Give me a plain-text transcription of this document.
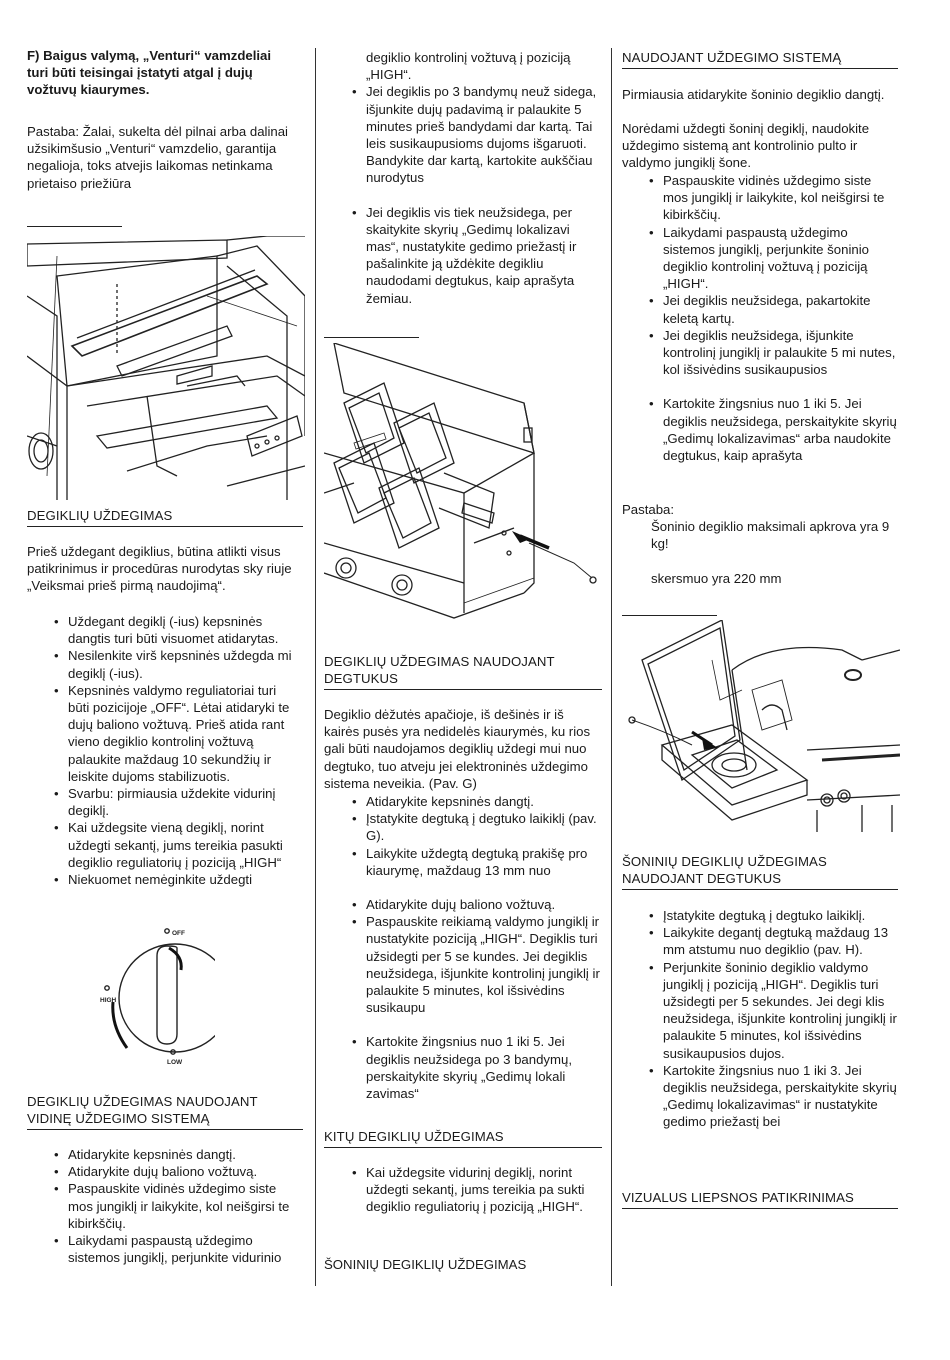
F) Baigus valymą, „Venturi“ vamzdeliai turi būti teisingai įstatyti atgal į dujų vožtuvų kiaurymes.

Pastaba: Žalai, sukelta dėl pilnai arba dalinai užsikimšusio „Venturi“ vamzdelio, garantija negalioja, toks atvejis laikomas netinkama prietaiso priežiūra

DEGIKLIŲ UŽDEGIMAS

Prieš uždegant degiklius, būtina atlikti visus patikrinimus ir procedūras nurodytas sky riuje „Veiksmai prieš pirmą naudojimą“.

• Uždegant degiklį (-ius) kepsninės dangtis turi būti visuomet atidarytas.
• Nesilenkite virš kepsninės uždegda mi degiklį (-ius).
• Kepsninės valdymo reguliatoriai turi būti pozicijoje „OFF“. Lėtai atidaryki te dujų baliono vožtuvą. Prieš atida rant vieno degiklio kontrolinį vožtuvą palaukite maždaug 10 sekundžių ir leiskite dujoms stabilizuotis.
• Svarbu: pirmiausia uždekite vidurinį degiklį.
• Kai uždegsite vieną degiklį, norint uždegti sekantį, jums tereikia pasukti degiklio reguliatorių į poziciją „HIGH“
• Niekuomet nemėginkite uždegti
OFF
HIGH
LOW
DEGIKLIŲ UŽDEGIMAS NAUDOJANT VIDINĘ UŽDEGIMO SISTEMĄ
• Atidarykite kepsninės dangtį.
• Atidarykite dujų baliono vožtuvą.
• Paspauskite vidinės uždegimo siste mos jungiklį ir laikykite, kol neišgirsi te kibirkščių.
• Laikydami paspaustą uždegimo sistemos jungiklį, perjunkite vidurinio
degiklio kontrolinį vožtuvą į poziciją „HIGH“.
• Jei degiklis po 3 bandymų neuž sidega, išjunkite dujų padavimą ir palaukite 5 minutes prieš bandydami dar kartą. Tai leis susikaupusioms dujoms išgaruoti. Bandykite dar kartą, kartokite aukščiau nurodytus
• Jei degiklis vis tiek neužsidega, per skaitykite skyrių „Gedimų lokalizavi mas“, nustatykite gedimo priežastį ir pašalinkite ją uždėkite degikliu naudodami degtukus, kaip aprašyta žemiau.
DEGIKLIŲ UŽDEGIMAS NAUDOJANT DEGTUKUS

Degiklio dėžutės apačioje, iš dešinės ir iš kairės pusės yra nedidelės kiaurymės, ku rios gali būti naudojamos degiklių uždegi mui nuo degtuko, tuo atveju jei elektroninės uždegimo sistema neveikia. (Pav. G)

• Atidarykite kepsninės dangtį.
• Įstatykite degtuką į degtuko laikiklį (pav. G).
• Laikykite uždegtą degtuką prakišę pro kiaurymę, maždaug 13 mm nuo
• Atidarykite dujų baliono vožtuvą.
• Paspauskite reikiamą valdymo jungiklį ir nustatykite poziciją „HIGH“. Degiklis turi užsidegti per 5 se kundes. Jei degiklis neužsidega, išjunkite kontrolinį jungiklį ir palaukite 5 minutes, kol išsivėdins susikaupu
• Kartokite žingsnius nuo 1 iki 5. Jei degiklis neužsidega po 3 bandymų, perskaitykite skyrių „Gedimų lokali zavimas“
KITŲ DEGIKLIŲ UŽDEGIMAS
• Kai uždegsite vidurinį degiklį, norint uždegti sekantį, jums tereikia pa sukti degiklio reguliatorių į poziciją „HIGH“.
ŠONINIŲ DEGIKLIŲ UŽDEGIMAS
NAUDOJANT UŽDEGIMO SISTEMĄ

Pirmiausia atidarykite šoninio degiklio dangtį.

Norėdami uždegti šoninį degiklį, naudokite uždegimo sistemą ant kontrolinio pulto ir valdymo jungiklį šone.

• Paspauskite vidinės uždegimo siste mos jungiklį ir laikykite, kol neišgirsi te kibirkščių.
• Laikydami paspaustą uždegimo sistemos jungiklį, perjunkite šoninio degiklio kontrolinį vožtuvą į poziciją „HIGH“.
• Jei degiklis neužsidega, pakartokite keletą kartų.
• Jei degiklis neužsidega, išjunkite kontrolinį jungiklį ir palaukite 5 mi nutes, kol išsivėdins susikaupusios
• Kartokite žingsnius nuo 1 iki 5. Jei degiklis neužsidega, perskaitykite skyrių „Gedimų lokalizavimas“ arba naudokite degtukus, kaip aprašyta
Pastaba:
Šoninio degiklio maksimali apkrova yra 9 kg!
skersmuo yra 220 mm
ŠONINIŲ DEGIKLIŲ UŽDEGIMAS NAUDOJANT DEGTUKUS
• Įstatykite degtuką į degtuko laikiklį.
• Laikykite degantį degtuką maždaug 13 mm atstumu nuo degiklio (pav. H).
• Perjunkite šoninio degiklio valdymo jungiklį į poziciją „HIGH“. Degiklis turi užsidegti per 5 sekundes. Jei degi klis neužsidega, išjunkite kontrolinį jungiklį ir palaukite 5 minutes, kol išsivėdins susikaupusios dujos.
• Kartokite žingsnius nuo 1 iki 3. Jei degiklis neužsidega, perskaitykite skyrių „Gedimų lokalizavimas“ ir nustatykite gedimo priežastį bei
VIZUALUS LIEPSNOS PATIKRINIMAS
